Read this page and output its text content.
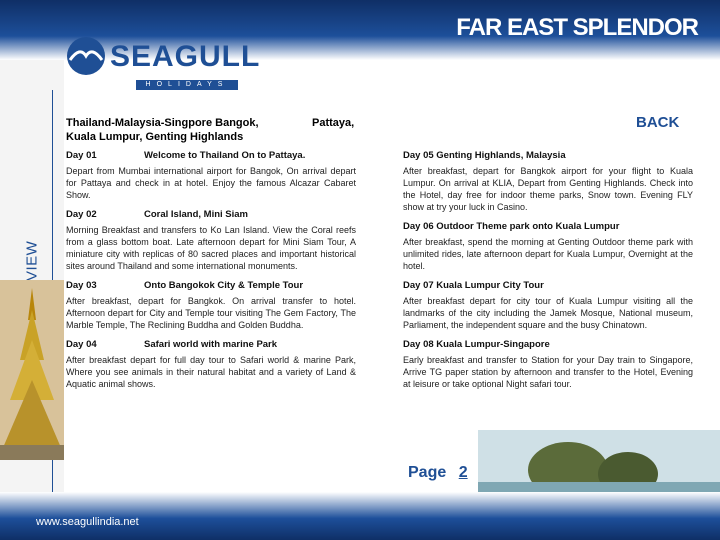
FAR EAST SPLENDOR
SEAGULL
HOLIDAYS
Thailand-Malaysia-Singpore Bangok,	Pattaya,

Kuala Lumpur, Genting Highlands
BACK
Day 01	Welcome to Thailand On to Pattaya.
Depart from Mumbai international airport for Bangok, On arrival depart for Pattaya and check in at hotel. Enjoy the famous Alcazar Cabaret Show.
Day 02	Coral Island, Mini Siam
Morning Breakfast and transfers to Ko Lan Island. View the Coral reefs from a glass bottom boat. Late afternoon depart for Mini Siam Tour, A miniature city with replicas of 80 sacred places and important historical sites around Thailand and some international monuments.
Day 03	Onto Bangokok City & Temple Tour
After breakfast, depart for Bangkok. On arrival transfer to hotel. Afternoon depart for City and Temple tour visiting The Gem Factory, The Marble Temple, The Reclining Buddha and Golden Buddha.
Day 04	Safari world with marine Park
After breakfast depart for full day tour to Safari world & marine Park, Where you see animals in their natural habitat and a variety of Land & Aquatic animal shows.
Day 05 Genting Highlands, Malaysia
After breakfast, depart for Bangkok airport for your flight to Kuala Lumpur. On arrival at KLIA, Depart from Genting Highlands. Check into the Hotel, day free for indoor theme parks, Snow town. Evening FLY show at try your luck in Casino.
Day 06 Outdoor Theme park onto Kuala Lumpur
After breakfast, spend the morning at Genting Outdoor theme park with unlimited rides, late afternoon depart for Kuala Lumpur, Overnight at the hotel.
Day 07 Kuala Lumpur City Tour
After breakfast depart for city tour of Kuala Lumpur visiting all the landmarks of the city including the Jamek Mosque, National museum, Parliament, the independent square and the busy Chinatown.
Day 08 Kuala Lumpur-Singapore
Early breakfast and transfer to Station for your Day train to Singapore, Arrive TG paper station by afternoon and transfer to the Hotel, Evening at leisure or take optional Night safari tour.
Page 2
www.seagullindia.net
